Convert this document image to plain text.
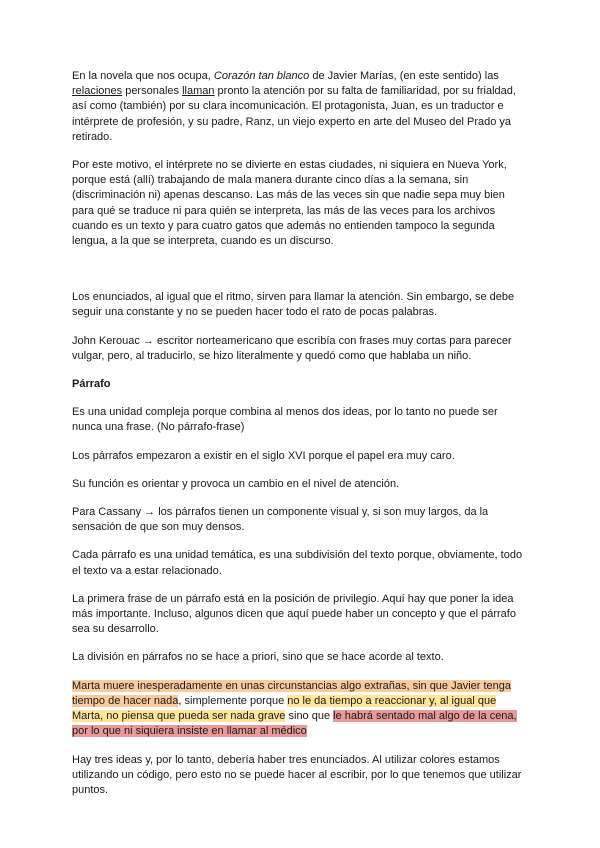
En la novela que nos ocupa, Corazón tan blanco de Javier Marías, (en este sentido) las relaciones personales llaman pronto la atención por su falta de familiaridad, por su frialdad, así como (también) por su clara incomunicación. El protagonista, Juan, es un traductor e intérprete de profesión, y su padre, Ranz, un viejo experto en arte del Museo del Prado ya retirado.

Por este motivo, el intérprete no se divierte en estas ciudades, ni siquiera en Nueva York, porque está (allí) trabajando de mala manera durante cinco días a la semana, sin (discriminación ni) apenas descanso. Las más de las veces sin que nadie sepa muy bien para qué se traduce ni para quién se interpreta, las más de las veces para los archivos cuando es un texto y para cuatro gatos que además no entienden tampoco la segunda lengua, a la que se interpreta, cuando es un discurso.

Los enunciados, al igual que el ritmo, sirven para llamar la atención. Sin embargo, se debe seguir una constante y no se pueden hacer todo el rato de pocas palabras.

John Kerouac → escritor norteamericano que escribía con frases muy cortas para parecer vulgar, pero, al traducirlo, se hizo literalmente y quedó como que hablaba un niño.

Párrafo

Es una unidad compleja porque combina al menos dos ideas, por lo tanto no puede ser nunca una frase. (No párrafo-frase)

Los párrafos empezaron a existir en el siglo XVI porque el papel era muy caro.

Su función es orientar y provoca un cambio en el nivel de atención.

Para Cassany → los párrafos tienen un componente visual y, si son muy largos, da la sensación de que son muy densos.

Cada párrafo es una unidad temática, es una subdivisión del texto porque, obviamente, todo el texto va a estar relacionado.

La primera frase de un párrafo está en la posición de privilegio. Aquí hay que poner la idea más importante. Incluso, algunos dicen que aquí puede haber un concepto y que el párrafo sea su desarrollo.

La división en párrafos no se hace a priori, sino que se hace acorde al texto.

Marta muere inesperadamente en unas circunstancias algo extrañas, sin que Javier tenga tiempo de hacer nada, simplemente porque no le da tiempo a reaccionar y, al igual que Marta, no piensa que pueda ser nada grave sino que le habrá sentado mal algo de la cena, por lo que ni siquiera insiste en llamar al médico

Hay tres ideas y, por lo tanto, debería haber tres enunciados. Al utilizar colores estamos utilizando un código, pero esto no se puede hacer al escribir, por lo que tenemos que utilizar puntos.
